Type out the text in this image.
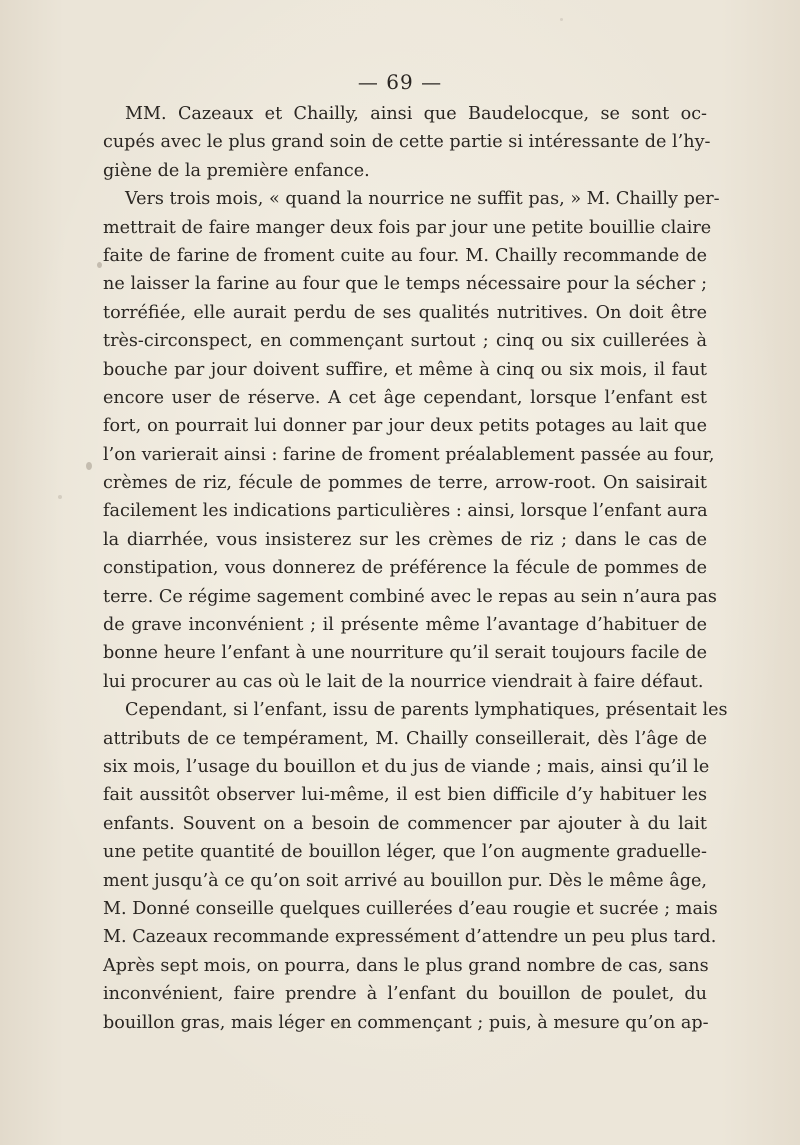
— 69 —
MM. Cazeaux et Chailly, ainsi que Baudelocque, se sont oc-
cupés avec le plus grand soin de cette partie si intéressante de l’hy-
giène de la première enfance.
Vers trois mois, « quand la nourrice ne suffit pas, » M. Chailly per-
mettrait de faire manger deux fois par jour une petite bouillie claire
faite de farine de froment cuite au four. M. Chailly recommande de
ne laisser la farine au four que le temps nécessaire pour la sécher ;
torréfiée, elle aurait perdu de ses qualités nutritives. On doit être
très-circonspect, en commençant surtout ; cinq ou six cuillerées à
bouche par jour doivent suffire, et même à cinq ou six mois, il faut
encore user de réserve. A cet âge cependant, lorsque l’enfant est
fort, on pourrait lui donner par jour deux petits potages au lait que
l’on varierait ainsi : farine de froment préalablement passée au four,
crèmes de riz, fécule de pommes de terre, arrow-root. On saisirait
facilement les indications particulières : ainsi, lorsque l’enfant aura
la diarrhée, vous insisterez sur les crèmes de riz ; dans le cas de
constipation, vous donnerez de préférence la fécule de pommes de
terre. Ce régime sagement combiné avec le repas au sein n’aura pas
de grave inconvénient ; il présente même l’avantage d’habituer de
bonne heure l’enfant à une nourriture qu’il serait toujours facile de
lui procurer au cas où le lait de la nourrice viendrait à faire défaut.
Cependant, si l’enfant, issu de parents lymphatiques, présentait les
attributs de ce tempérament, M. Chailly conseillerait, dès l’âge de
six mois, l’usage du bouillon et du jus de viande ; mais, ainsi qu’il le
fait aussitôt observer lui-même, il est bien difficile d’y habituer les
enfants. Souvent on a besoin de commencer par ajouter à du lait
une petite quantité de bouillon léger, que l’on augmente graduelle-
ment jusqu’à ce qu’on soit arrivé au bouillon pur. Dès le même âge,
M. Donné conseille quelques cuillerées d’eau rougie et sucrée ; mais
M. Cazeaux recommande expressément d’attendre un peu plus tard.
Après sept mois, on pourra, dans le plus grand nombre de cas, sans
inconvénient, faire prendre à l’enfant du bouillon de poulet, du
bouillon gras, mais léger en commençant ; puis, à mesure qu’on ap-
